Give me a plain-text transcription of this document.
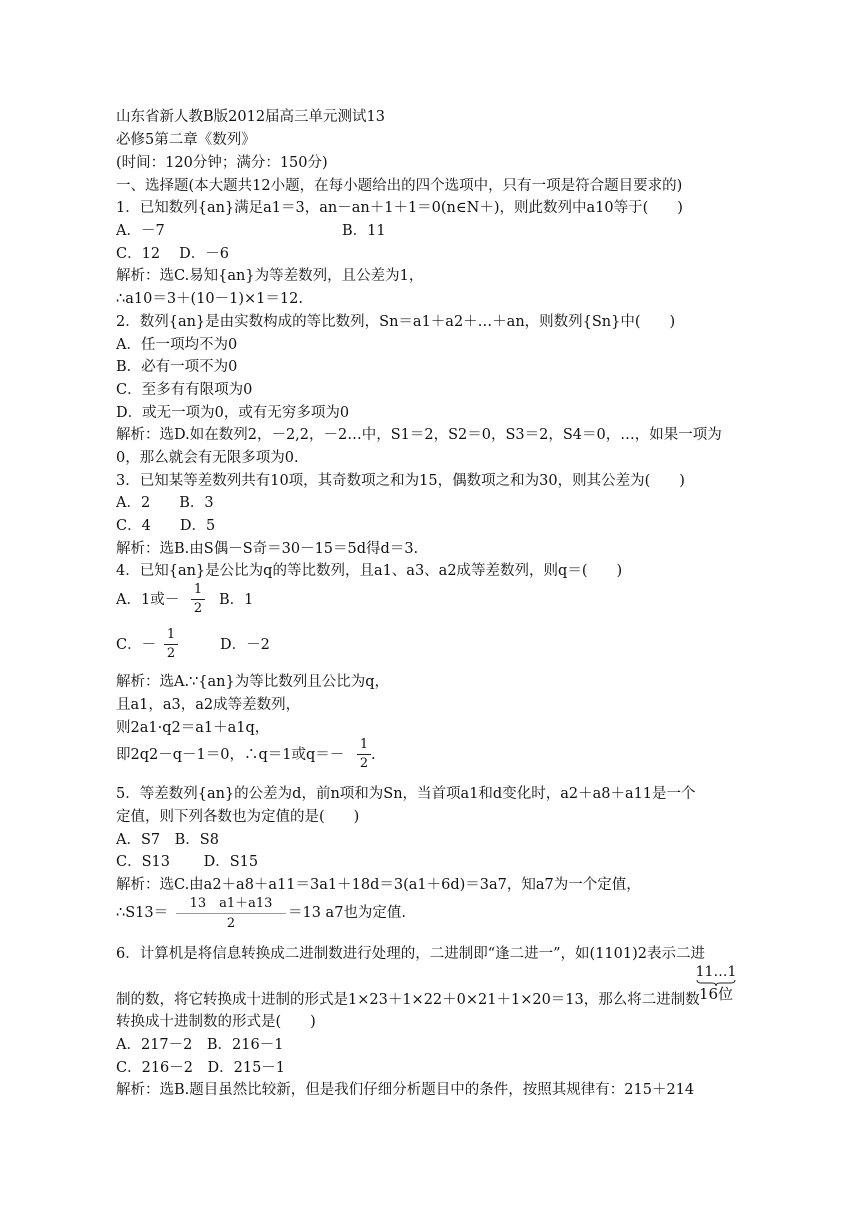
山东省新人教B版2012届高三单元测试13
必修5第二章《数列》
(时间：120分钟；满分：150分)
一、选择题(本大题共12小题，在每小题给出的四个选项中，只有一项是符合题目要求的)
1．已知数列{an}满足a1＝3，an－an＋1＋1＝0(n∈N＋)，则此数列中a10等于(　　)
A．－7	B．11
C．12　 D．－6
解析：选C.易知{an}为等差数列，且公差为1，
∴a10＝3＋(10－1)×1＝12.
2．数列{an}是由实数构成的等比数列，Sn＝a1＋a2＋…＋an，则数列{Sn}中(　　)
A．任一项均不为0
B．必有一项不为0
C．至多有有限项为0
D．或无一项为0，或有无穷多项为0
解析：选D.如在数列2，－2,2，－2…中，S1＝2，S2＝0，S3＝2，S4＝0，…，如果一项为
0，那么就会有无限多项为0.
3．已知某等差数列共有10项，其奇数项之和为15，偶数项之和为30，则其公差为(　　)
A．2　　B．3
C．4　　D．5
解析：选B.由S偶－S奇＝30－15＝5d得d＝3.
4．已知{an}是公比为q的等比数列，且a1、a3、a2成等差数列，则q＝(　　)
A．1或－
1
2
B．1
C．－
1
2
D．－2
解析：选A.∵{an}为等比数列且公比为q，
且a1，a3，a2成等差数列，
则2a1·q2＝a1＋a1q，
即2q2－q－1＝0，∴q＝1或q＝－
1
2
.
5．等差数列{an}的公差为d，前n项和为Sn，当首项a1和d变化时，a2＋a8＋a11是一个
定值，则下列各数也为定值的是(　　)
A．S7　B．S8
C．S13　　 D．S15
解析：选C.由a2＋a8＋a11＝3a1＋18d＝3(a1＋6d)＝3a7，知a7为一个定值，
∴S13＝
13　a1＋a13
2
＝13 a7也为定值.
6．计算机是将信息转换成二进制数进行处理的，二进制即“逢二进一”，如(1101)2表示二进
11…1
16位
制的数，将它转换成十进制的形式是1×23＋1×22＋0×21＋1×20＝13，那么将二进制数
转换成十进制数的形式是(　　)
A．217－2　B．216－1
C．216－2　D．215－1
解析：选B.题目虽然比较新，但是我们仔细分析题目中的条件，按照其规律有：215＋214
